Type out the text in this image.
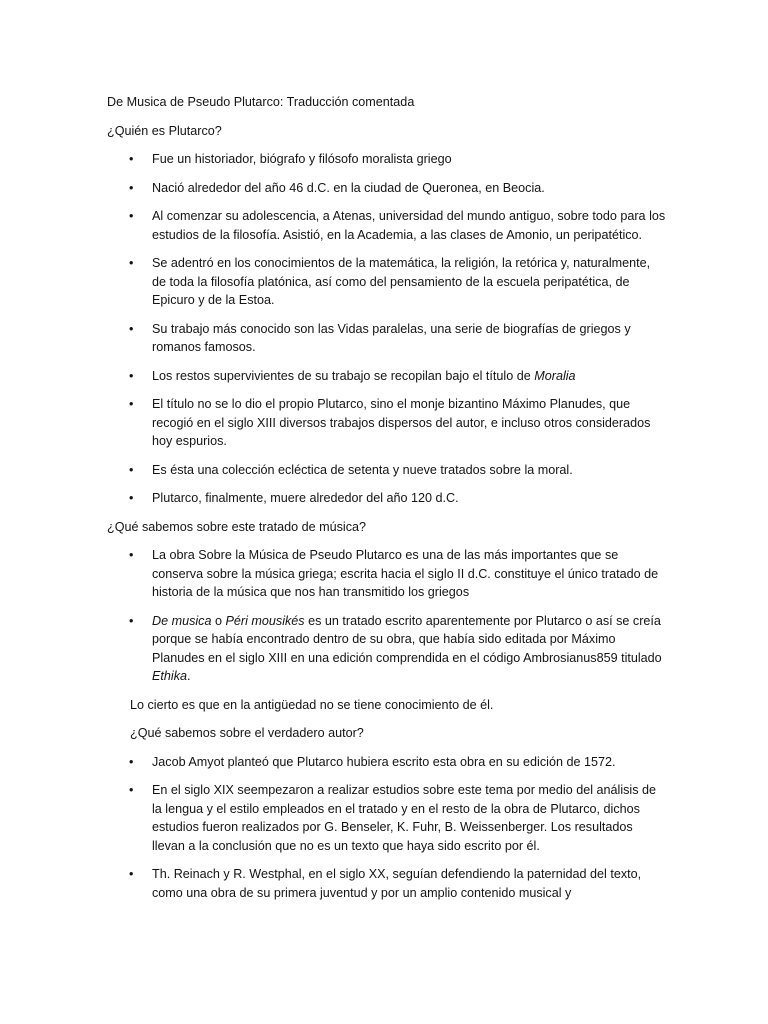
De Musica de Pseudo Plutarco: Traducción comentada

¿Quién es Plutarco?

• Fue un historiador, biógrafo y filósofo moralista griego
• Nació alrededor del año 46 d.C. en la ciudad de Queronea, en Beocia.
• Al comenzar su adolescencia, a Atenas, universidad del mundo antiguo, sobre todo para los estudios de la filosofía. Asistió, en la Academia, a las clases de Amonio, un peripatético.
• Se adentró en los conocimientos de la matemática, la religión, la retórica y, naturalmente, de toda la filosofía platónica, así como del pensamiento de la escuela peripatética, de Epicuro y de la Estoa.
• Su trabajo más conocido son las Vidas paralelas, una serie de biografías de griegos y romanos famosos.
• Los restos supervivientes de su trabajo se recopilan bajo el título de Moralia
• El título no se lo dio el propio Plutarco, sino el monje bizantino Máximo Planudes, que recogió en el siglo XIII diversos trabajos dispersos del autor, e incluso otros considerados hoy espurios.
• Es ésta una colección ecléctica de setenta y nueve tratados sobre la moral.
• Plutarco, finalmente, muere alrededor del año 120 d.C.

¿Qué sabemos sobre este tratado de música?

• La obra Sobre la Música de Pseudo Plutarco es una de las más importantes que se conserva sobre la música griega; escrita hacia el siglo II d.C. constituye el único tratado de historia de la música que nos han transmitido los griegos
• De musica o Péri mousikés es un tratado escrito aparentemente por Plutarco o así se creía porque se había encontrado dentro de su obra, que había sido editada por Máximo Planudes en el siglo XIII en una edición comprendida en el código Ambrosianus859 titulado Ethika.

Lo cierto es que en la antigüedad no se tiene conocimiento de él.

¿Qué sabemos sobre el verdadero autor?

• Jacob Amyot planteó que Plutarco hubiera escrito esta obra en su edición de 1572.
• En el siglo XIX seempezaron a realizar estudios sobre este tema por medio del análisis de la lengua y el estilo empleados en el tratado y en el resto de la obra de Plutarco, dichos estudios fueron realizados por G. Benseler, K. Fuhr, B. Weissenberger. Los resultados llevan a la conclusión que no es un texto que haya sido escrito por él.
• Th. Reinach y R. Westphal, en el siglo XX, seguían defendiendo la paternidad del texto, como una obra de su primera juventud y por un amplio contenido musical y
